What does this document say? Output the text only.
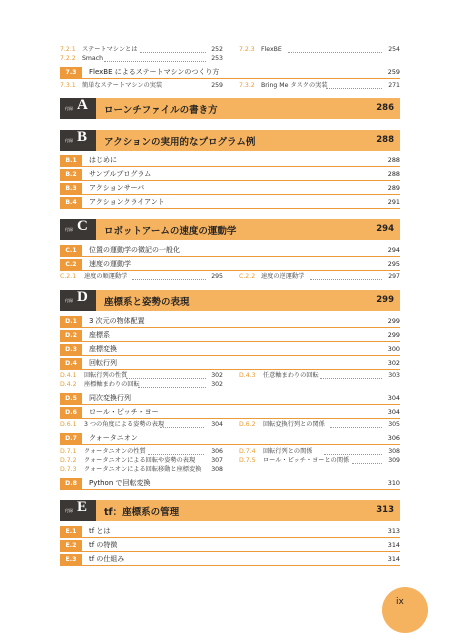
7.2.1 ステートマシンとは	252
7.2.2 Smach	253
7.2.3 FlexBE	254
7.3	FlexBE によるステートマシンのつくり方	259
7.3.1 簡単なステートマシンの実装	259	7.3.2 Bring Me タスクの実装	271
付録 A ローンチファイルの書き方	286
付録 B アクションの実用的なプログラム例	288
B.1	はじめに	288
B.2	サンプルプログラム	288
B.3	アクションサーバ	289
B.4	アクションクライアント	291
付録 C ロボットアームの速度の運動学	294
C.1	位置の運動学の微記の一般化	294
C.2	速度の運動学	295
C.2.1 速度の順運動学	295	C.2.2 速度の逆運動学	297
付録 D 座標系と姿勢の表現	299
D.1	3 次元の物体配置	299
D.2	座標系	299
D.3	座標変換	300
D.4	回転行列	302
D.4.1 回転行列の性質	302
D.4.2 座標軸まわりの回転	302
D.4.3 任意軸まわりの回転	303
D.5	同次変換行列	304
D.6	ロール・ピッチ・ヨー	304
D.6.1 3 つの角度による姿勢の表現	304	D.6.2 回転変換行列との関係	305
D.7	クォータニオン	306
D.7.1 クォータニオンの性質	306
D.7.2 クォータニオンによる回転や姿勢の表現	307
D.7.3 クォータニオンによる回転移動と座標変換	308
D.7.4 回転行列との関係	308
D.7.5 ロール・ピッチ・ヨーとの関係	309
D.8	Python で回転変換	310
付録 E tf：座標系の管理	313
E.1	tf とは	313
E.2	tf の特徴	314
E.3	tf の仕組み	314
ix
